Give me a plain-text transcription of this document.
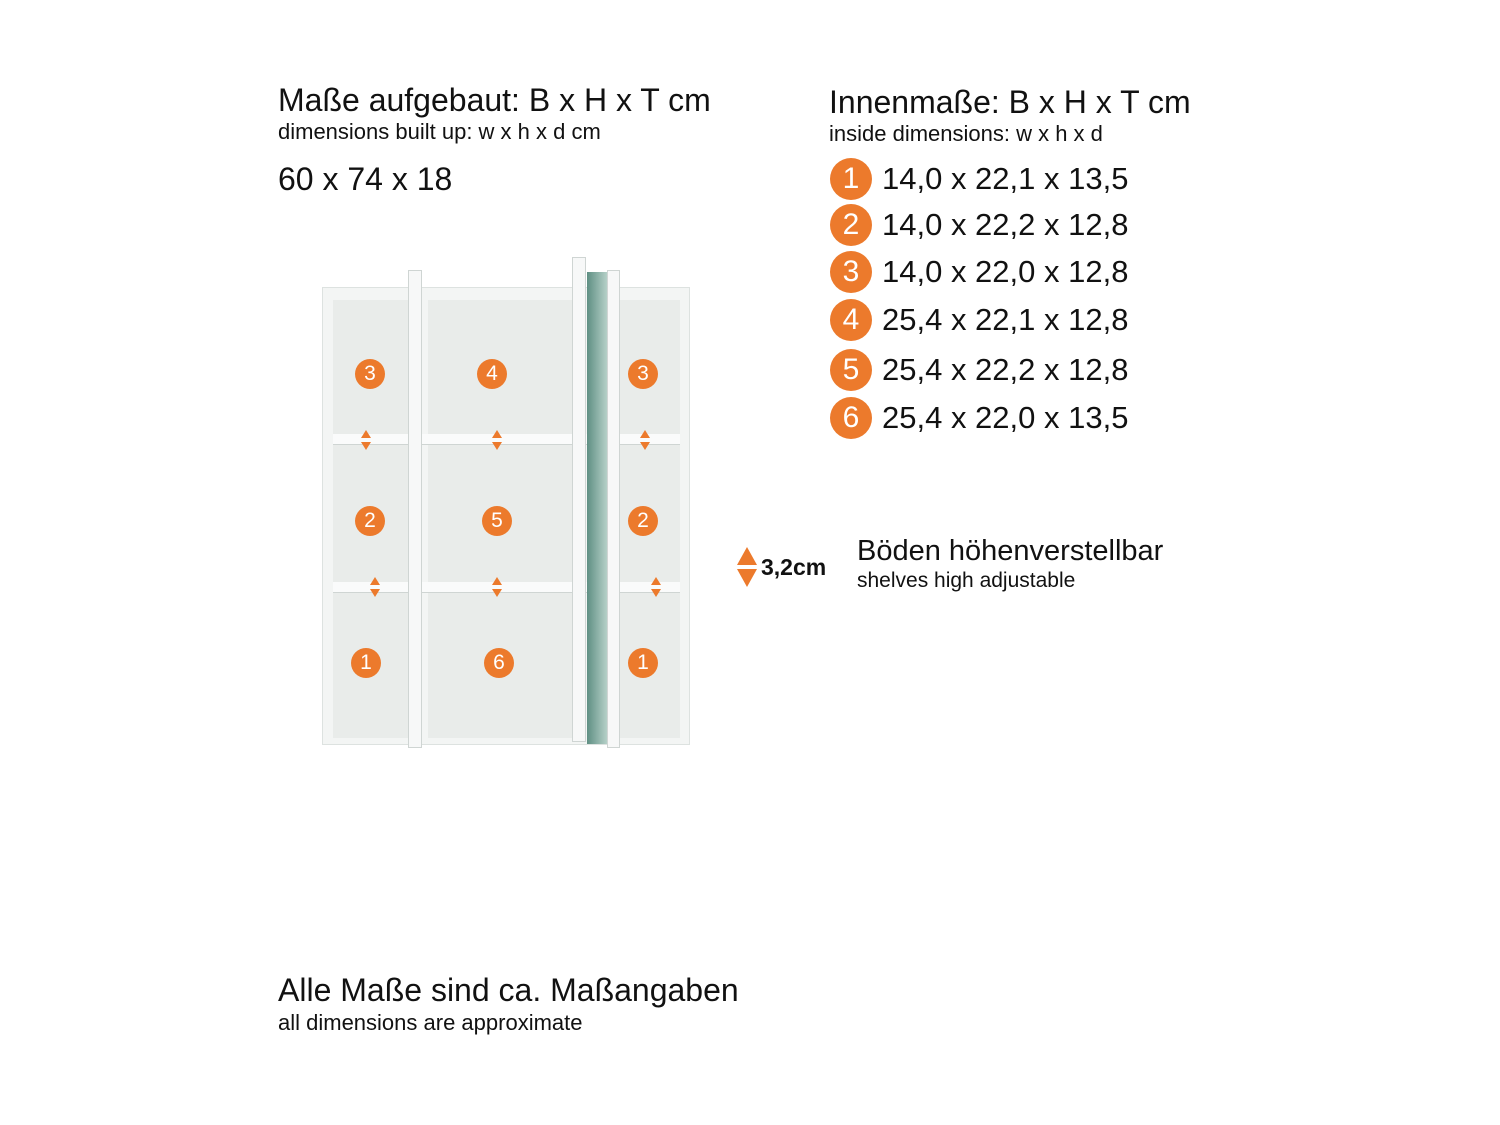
Maße aufgebaut: B x H x T cm
dimensions built up: w x h x d cm
60 x 74 x 18
Innenmaße: B x H x T cm
inside dimensions: w x h x d
1 14,0 x 22,1 x 13,5
2 14,0 x 22,2 x 12,8
3 14,0 x 22,0 x 12,8
4 25,4 x 22,1 x 12,8
5 25,4 x 22,2 x 12,8
6 25,4 x 22,0 x 13,5
3
2
1
4
5
6
3
2
1
3,2cm Böden höhenverstellbar
shelves high adjustable
Alle Maße sind ca. Maßangaben
all dimensions are approximate
